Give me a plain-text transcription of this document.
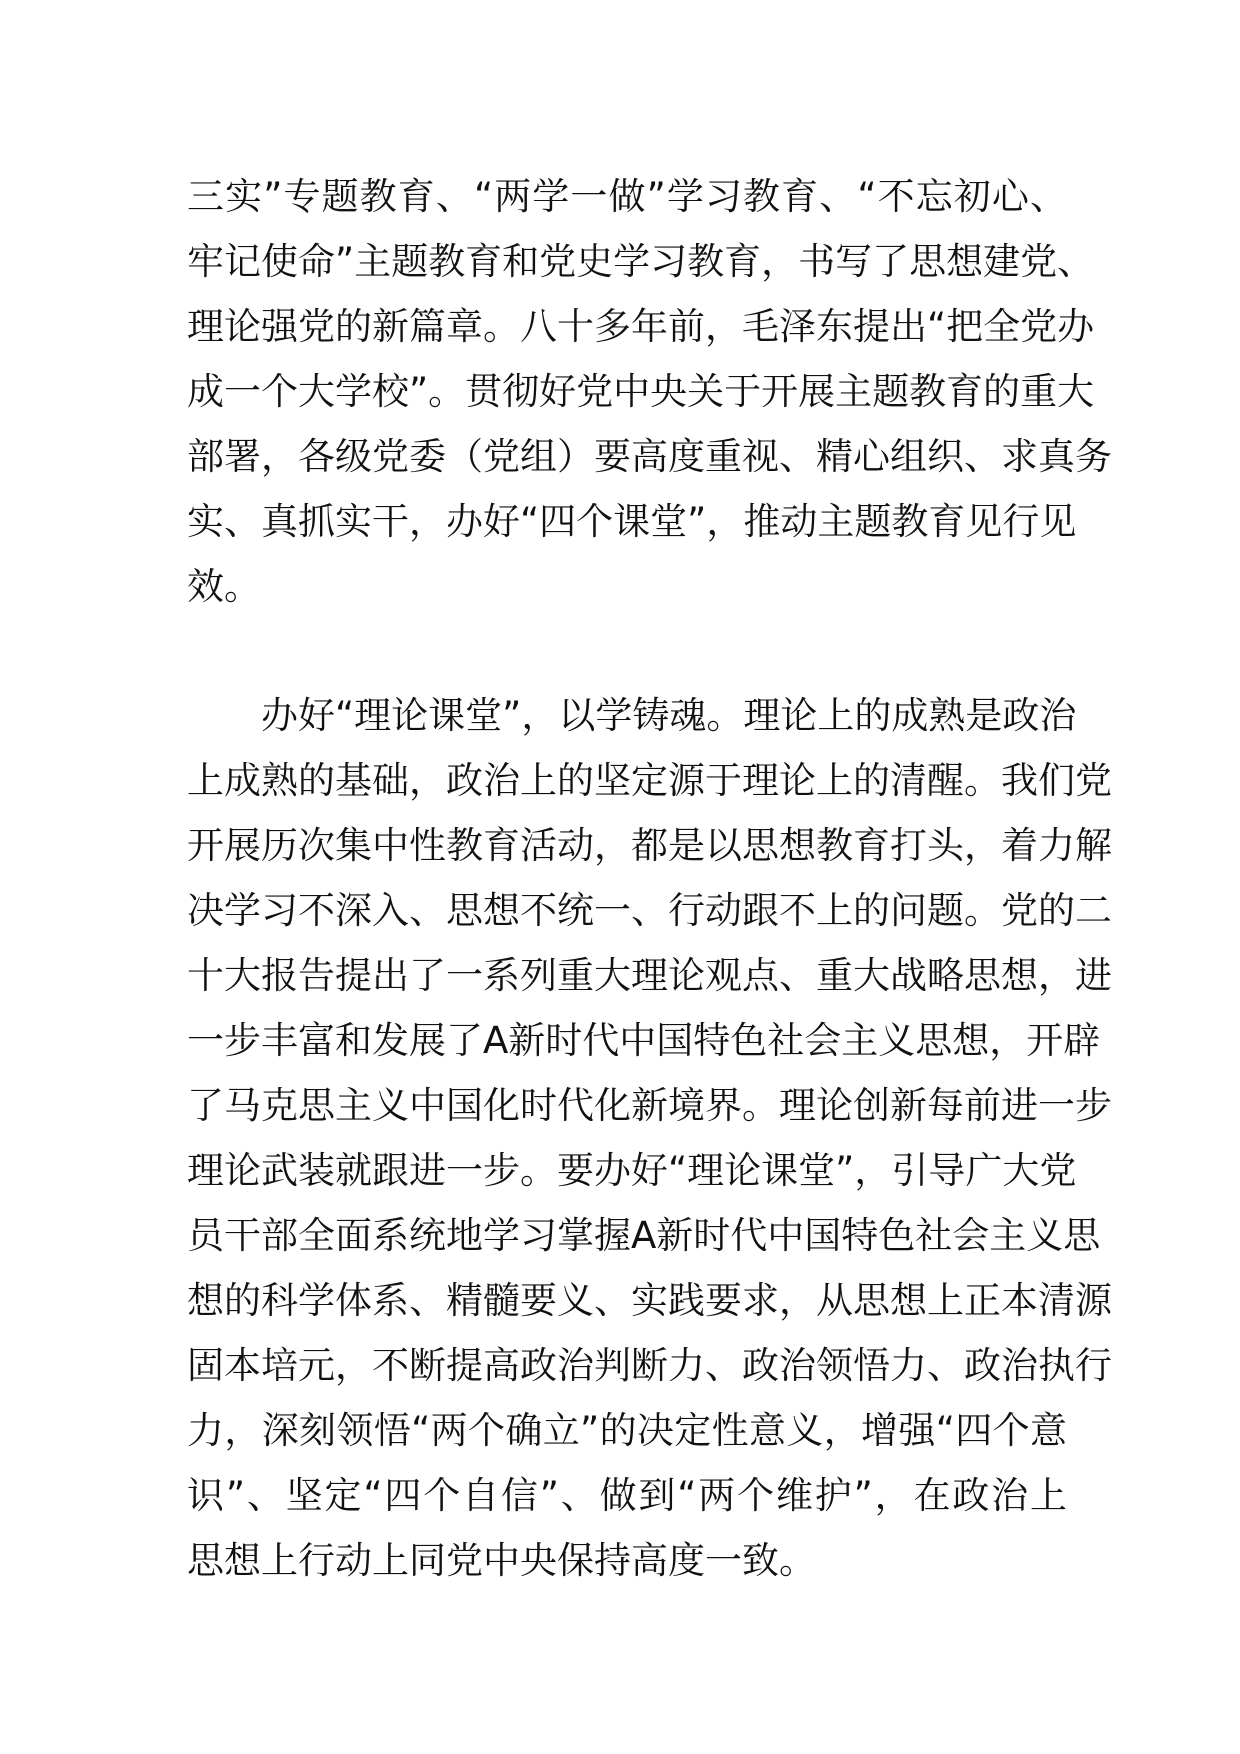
三实”专题教育、“两学一做”学习教育、“不忘初心、
牢记使命”主题教育和党史学习教育，书写了思想建党、
理论强党的新篇章。八十多年前，毛泽东提出“把全党办
成一个大学校”。贯彻好党中央关于开展主题教育的重大
部署，各级党委（党组）要高度重视、精心组织、求真务
实、真抓实干，办好“四个课堂”，推动主题教育见行见
效。
办好“理论课堂”，以学铸魂。理论上的成熟是政治
上成熟的基础，政治上的坚定源于理论上的清醒。我们党
开展历次集中性教育活动，都是以思想教育打头，着力解
决学习不深入、思想不统一、行动跟不上的问题。党的二
十大报告提出了一系列重大理论观点、重大战略思想，进
一步丰富和发展了A新时代中国特色社会主义思想，开辟
了马克思主义中国化时代化新境界。理论创新每前进一步
理论武装就跟进一步。要办好“理论课堂”，引导广大党
员干部全面系统地学习掌握A新时代中国特色社会主义思
想的科学体系、精髓要义、实践要求，从思想上正本清源
固本培元，不断提高政治判断力、政治领悟力、政治执行
力，深刻领悟“两个确立”的决定性意义，增强“四个意
识”、坚定“四个自信”、做到“两个维护”，在政治上
思想上行动上同党中央保持高度一致。
